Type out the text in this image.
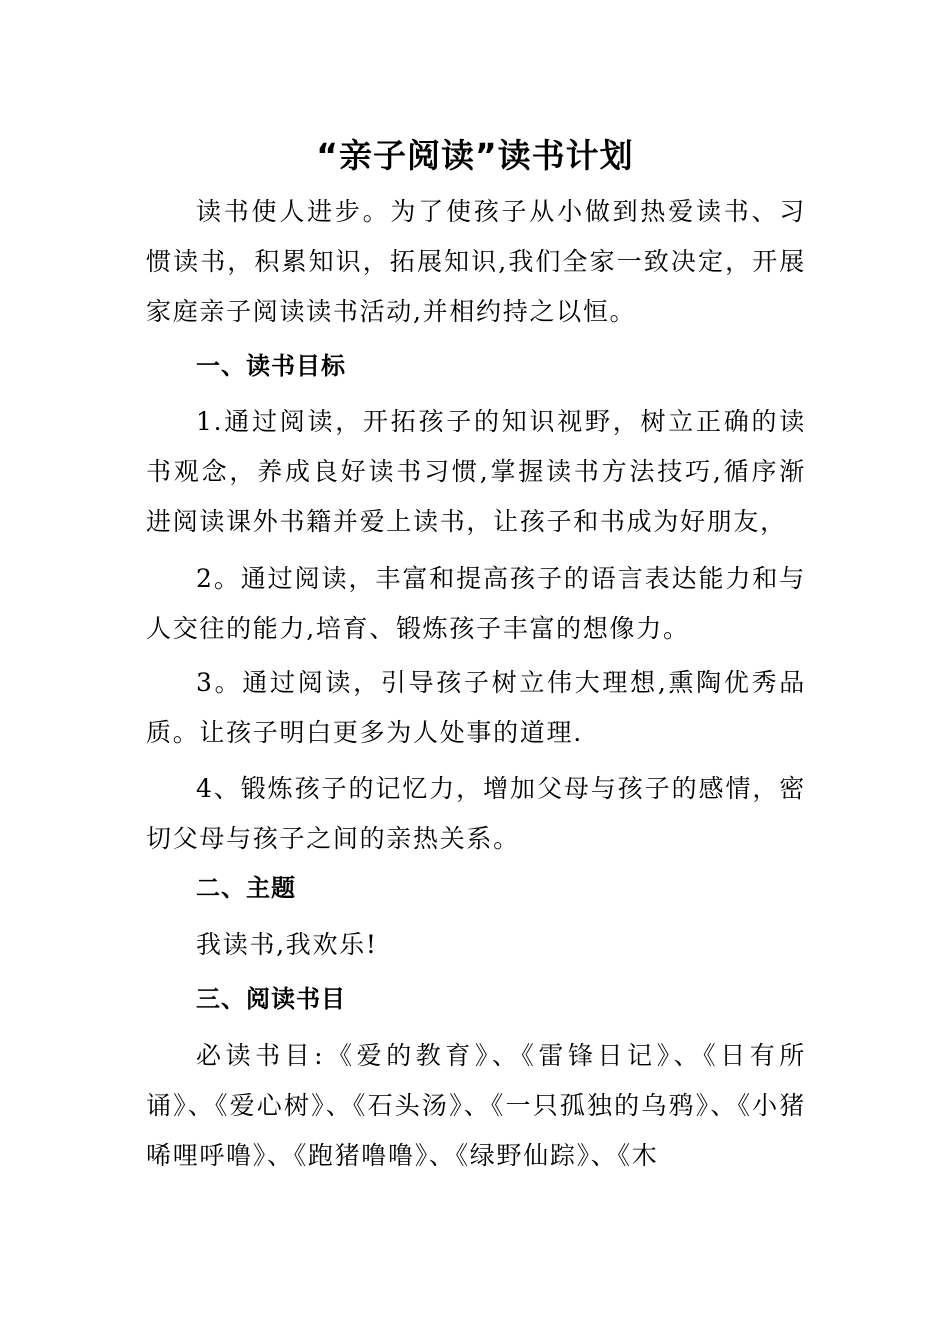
“亲子阅读”读书计划

读书使人进步。为了使孩子从小做到热爱读书、习惯读书，积累知识，拓展知识,我们全家一致决定，开展家庭亲子阅读读书活动,并相约持之以恒。

一、读书目标

1.通过阅读，开拓孩子的知识视野，树立正确的读书观念，养成良好读书习惯,掌握读书方法技巧,循序渐进阅读课外书籍并爱上读书，让孩子和书成为好朋友，

2。通过阅读，丰富和提高孩子的语言表达能力和与人交往的能力,培育、锻炼孩子丰富的想像力。

3。通过阅读，引导孩子树立伟大理想,熏陶优秀品质。让孩子明白更多为人处事的道理.

4、锻炼孩子的记忆力，增加父母与孩子的感情，密切父母与孩子之间的亲热关系。

二、主题

我读书,我欢乐!

三、阅读书目

必读书目:《爱的教育》、《雷锋日记》、《日有所诵》、《爱心树》、《石头汤》、《一只孤独的乌鸦》、《小猪唏哩呼噜》、《跑猪噜噜》、《绿野仙踪》、《木
